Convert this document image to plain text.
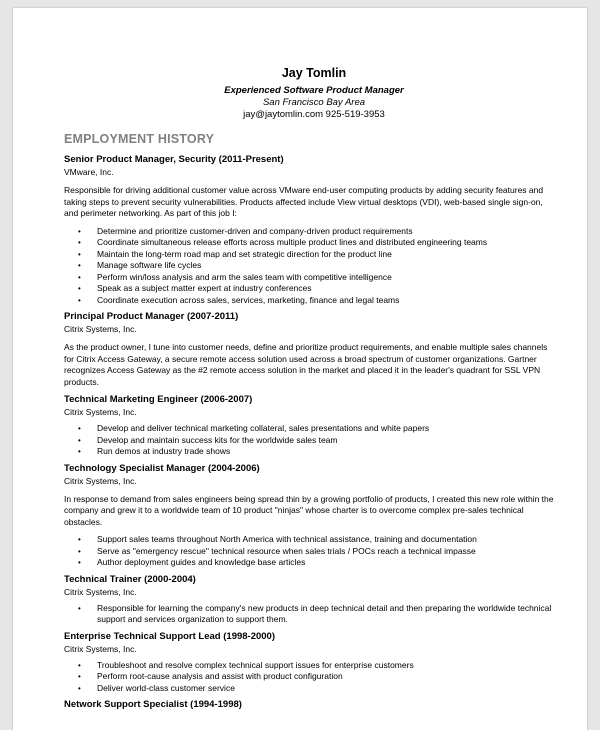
Jay Tomlin
Experienced Software Product Manager
San Francisco Bay Area
jay@jaytomlin.com 925-519-3953
EMPLOYMENT HISTORY
Senior Product Manager, Security (2011-Present)
VMware, Inc.
Responsible for driving additional customer value across VMware end-user computing products by adding security features and taking steps to prevent security vulnerabilities. Products affected include View virtual desktops (VDI), web-based single sign-on, and perimeter networking. As part of this job I:
• Determine and prioritize customer-driven and company-driven product requirements
• Coordinate simultaneous release efforts across multiple product lines and distributed engineering teams
• Maintain the long-term road map and set strategic direction for the product line
• Manage software life cycles
• Perform win/loss analysis and arm the sales team with competitive intelligence
• Speak as a subject matter expert at industry conferences
• Coordinate execution across sales, services, marketing, finance and legal teams
Principal Product Manager (2007-2011)
Citrix Systems, Inc.
As the product owner, I tune into customer needs, define and prioritize product requirements, and enable multiple sales channels for Citrix Access Gateway, a secure remote access solution used across a broad spectrum of customer organizations. Gartner recognizes Access Gateway as the #2 remote access solution in the market and placed it in the leader's quadrant for SSL VPN products.
Technical Marketing Engineer (2006-2007)
Citrix Systems, Inc.
• Develop and deliver technical marketing collateral, sales presentations and white papers
• Develop and maintain success kits for the worldwide sales team
• Run demos at industry trade shows
Technology Specialist Manager (2004-2006)
Citrix Systems, Inc.
In response to demand from sales engineers being spread thin by a growing portfolio of products, I created this new role within the company and grew it to a worldwide team of 10 product "ninjas" whose charter is to overcome complex pre-sales technical obstacles.
• Support sales teams throughout North America with technical assistance, training and documentation
• Serve as "emergency rescue" technical resource when sales trials / POCs reach a technical impasse
• Author deployment guides and knowledge base articles
Technical Trainer (2000-2004)
Citrix Systems, Inc.
• Responsible for learning the company's new products in deep technical detail and then preparing the worldwide technical support and services organization to support them.
Enterprise Technical Support Lead (1998-2000)
Citrix Systems, Inc.
• Troubleshoot and resolve complex technical support issues for enterprise customers
• Perform root-cause analysis and assist with product configuration
• Deliver world-class customer service
Network Support Specialist (1994-1998)
